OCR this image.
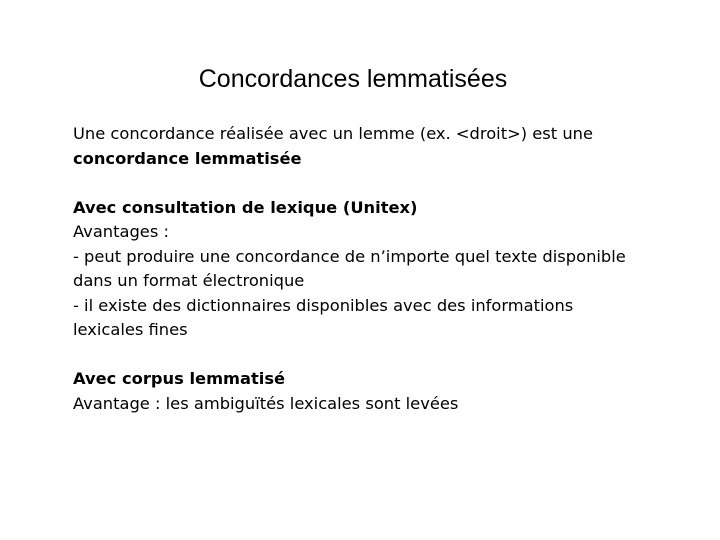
Concordances lemmatisées
Une concordance réalisée avec un lemme (ex. <droit>) est une
concordance lemmatisée
Avec consultation de lexique (Unitex)
Avantages :
- peut produire une concordance de n’importe quel texte disponible
dans un format électronique
- il existe des dictionnaires disponibles avec des informations
lexicales fines
Avec corpus lemmatisé
Avantage : les ambiguïtés lexicales sont levées
